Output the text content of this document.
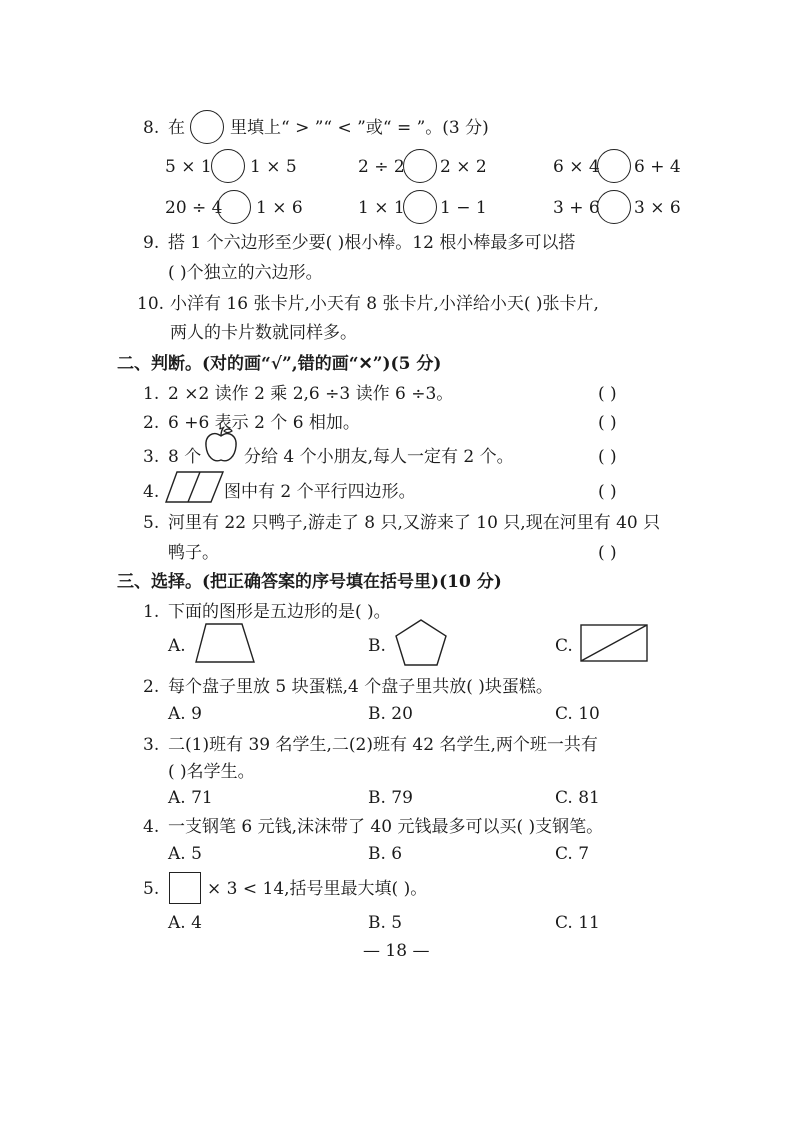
8. 在	里填上“ > ”“ < ”或“ = ”。(3 分)
5 × 1 1 × 5	2 ÷ 2 2 × 2	6 × 4 6 + 4
20 ÷ 4 1 × 6	1 × 1 1 − 1	3 + 6 3 × 6
9. 搭 1 个六边形至少要( )根小棒。12 根小棒最多可以搭
( )个独立的六边形。
10. 小洋有 16 张卡片,小天有 8 张卡片,小洋给小天( )张卡片,
两人的卡片数就同样多。
二、判断。(对的画“√”,错的画“✕”)(5 分)
1. 2 ×2 读作 2 乘 2,6 ÷3 读作 6 ÷3。	( )
2. 6 +6 表示 2 个 6 相加。	( )
3. 8 个	分给 4 个小朋友,每人一定有 2 个。	( )
4.	图中有 2 个平行四边形。	( )
5. 河里有 22 只鸭子,游走了 8 只,又游来了 10 只,现在河里有 40 只
鸭子。	( )
三、选择。(把正确答案的序号填在括号里)(10 分)
1. 下面的图形是五边形的是( )。
A.	B.	C.
2. 每个盘子里放 5 块蛋糕,4 个盘子里共放( )块蛋糕。
A. 9	B. 20	C. 10
3. 二(1)班有 39 名学生,二(2)班有 42 名学生,两个班一共有
( )名学生。
A. 71	B. 79	C. 81
4. 一支钢笔 6 元钱,沫沫带了 40 元钱最多可以买( )支钢笔。
A. 5	B. 6	C. 7
5.	× 3 < 14,括号里最大填( )。
A. 4	B. 5	C. 11
— 18 —
